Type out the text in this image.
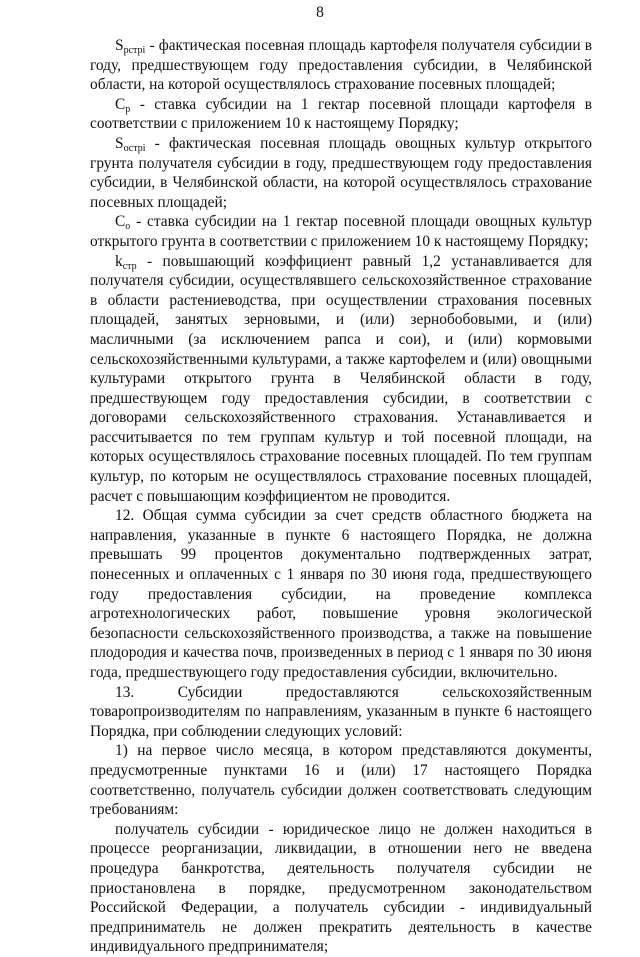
8

$S_{рстрi}$ - фактическая посевная площадь картофеля получателя субсидии в году, предшествующем году предоставления субсидии, в Челябинской области, на которой осуществлялось страхование посевных площадей;

$С_р$ - ставка субсидии на 1 гектар посевной площади картофеля в соответствии с приложением 10 к настоящему Порядку;

$S_{острi}$ - фактическая посевная площадь овощных культур открытого грунта получателя субсидии в году, предшествующем году предоставления субсидии, в Челябинской области, на которой осуществлялось страхование посевных площадей;

$С_о$ - ставка субсидии на 1 гектар посевной площади овощных культур открытого грунта в соответствии с приложением 10 к настоящему Порядку;

$k_{стр}$ - повышающий коэффициент равный 1,2 устанавливается для получателя субсидии, осуществлявшего сельскохозяйственное страхование в области растениеводства, при осуществлении страхования посевных площадей, занятых зерновыми, и (или) зернобобовыми, и (или) масличными (за исключением рапса и сои), и (или) кормовыми сельскохозяйственными культурами, а также картофелем и (или) овощными культурами открытого грунта в Челябинской области в году, предшествующем году предоставления субсидии, в соответствии с договорами сельскохозяйственного страхования. Устанавливается и рассчитывается по тем группам культур и той посевной площади, на которых осуществлялось страхование посевных площадей. По тем группам культур, по которым не осуществлялось страхование посевных площадей, расчет с повышающим коэффициентом не проводится.

12. Общая сумма субсидии за счет средств областного бюджета на направления, указанные в пункте 6 настоящего Порядка, не должна превышать 99 процентов документально подтвержденных затрат, понесенных и оплаченных с 1 января по 30 июня года, предшествующего году предоставления субсидии, на проведение комплекса агротехнологических работ, повышение уровня экологической безопасности сельскохозяйственного производства, а также на повышение плодородия и качества почв, произведенных в период с 1 января по 30 июня года, предшествующего году предоставления субсидии, включительно.

13. Субсидии предоставляются сельскохозяйственным товаропроизводителям по направлениям, указанным в пункте 6 настоящего Порядка, при соблюдении следующих условий:

1) на первое число месяца, в котором представляются документы, предусмотренные пунктами 16 и (или) 17 настоящего Порядка соответственно, получатель субсидии должен соответствовать следующим требованиям:

получатель субсидии - юридическое лицо не должен находиться в процессе реорганизации, ликвидации, в отношении него не введена процедура банкротства, деятельность получателя субсидии не приостановлена в порядке, предусмотренном законодательством Российской Федерации, а получатель субсидии - индивидуальный предприниматель не должен прекратить деятельность в качестве индивидуального предпринимателя;
